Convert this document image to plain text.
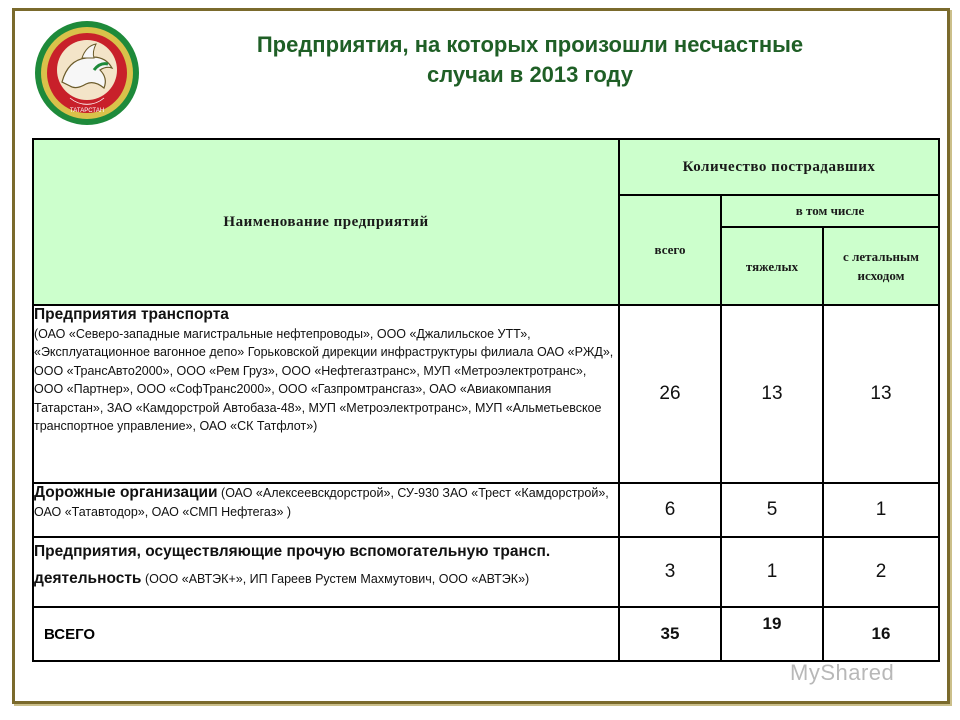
ТАТАРСТАН
Предприятия, на которых произошли несчастные
случаи в 2013 году
Наименование предприятий	Количество пострадавших		
	всего	в том числе	
		тяжелых	с летальным исходом

Предприятия транспорта
(ОАО «Северо-западные магистральные нефтепроводы», ООО «Джалильское УТТ», «Эксплуатационное вагонное депо» Горьковской дирекции инфраструктуры филиала ОАО «РЖД», ООО «ТрансАвто2000», ООО «Рем Груз», ООО «Нефтегазтранс», МУП «Метроэлектротранс», ООО «Партнер», ООО «СофТранс2000», ООО «Газпромтрансгаз», ОАО «Авиакомпания Татарстан», ЗАО «Камдорстрой Автобаза-48», МУП «Метроэлектротранс», МУП «Альметьевское транспортное управление», ОАО «СК Татфлот»)	26	13	13
Дорожные организации (ОАО «Алексеевскдорстрой», СУ-930 ЗАО «Трест «Камдорстрой», ОАО «Татавтодор», ОАО «СМП Нефтегаз» )	6	5	1
Предприятия, осуществляющие прочую вспомогательную трансп. деятельность (ООО «АВТЭК+», ИП Гареев Рустем Махмутович, ООО «АВТЭК»)	3	1	2
ВСЕГО	35	19	16
MyShared
